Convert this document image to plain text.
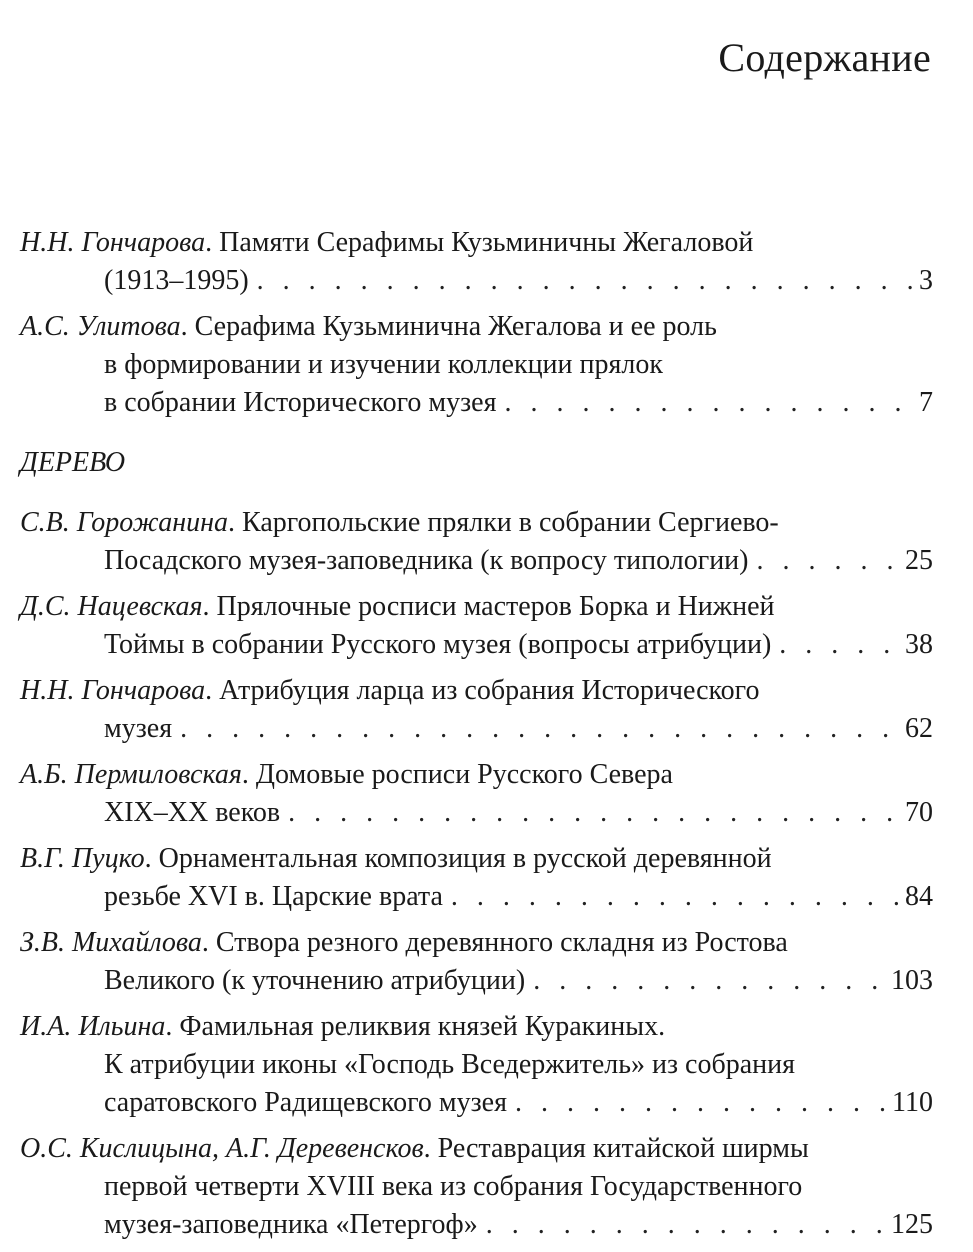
Содержание
Н.Н. Гончарова. Памяти Серафимы Кузьминичны Жегаловой
(1913–1995) . . .	3
А.С. Улитова. Серафима Кузьминична Жегалова и ее роль
в формировании и изучении коллекции прялок
в собрании Исторического музея . . .	7
ДЕРЕВО
С.В. Горожанина. Каргопольские прялки в собрании Сергиево-
Посадского музея-заповедника (к вопросу типологии) . . .	25
Д.С. Нацевская. Прялочные росписи мастеров Борка и Нижней
Тоймы в собрании Русского музея (вопросы атрибуции) . . .	38
Н.Н. Гончарова. Атрибуция ларца из собрания Исторического
музея . . .	62
А.Б. Пермиловская. Домовые росписи Русского Севера
XIX–XX веков . . .	70
В.Г. Пуцко. Орнаментальная композиция в русской деревянной
резьбе XVI в. Царские врата . . .	84
З.В. Михайлова. Створа резного деревянного складня из Ростова
Великого (к уточнению атрибуции) . . .	103
И.А. Ильина. Фамильная реликвия князей Куракиных.
К атрибуции иконы «Господь Вседержитель» из собрания
саратовского Радищевского музея . . .	110
О.С. Кислицына, А.Г. Деревенсков. Реставрация китайской ширмы
первой четверти XVIII века из собрания Государственного
музея-заповедника «Петергоф» . . .	125
